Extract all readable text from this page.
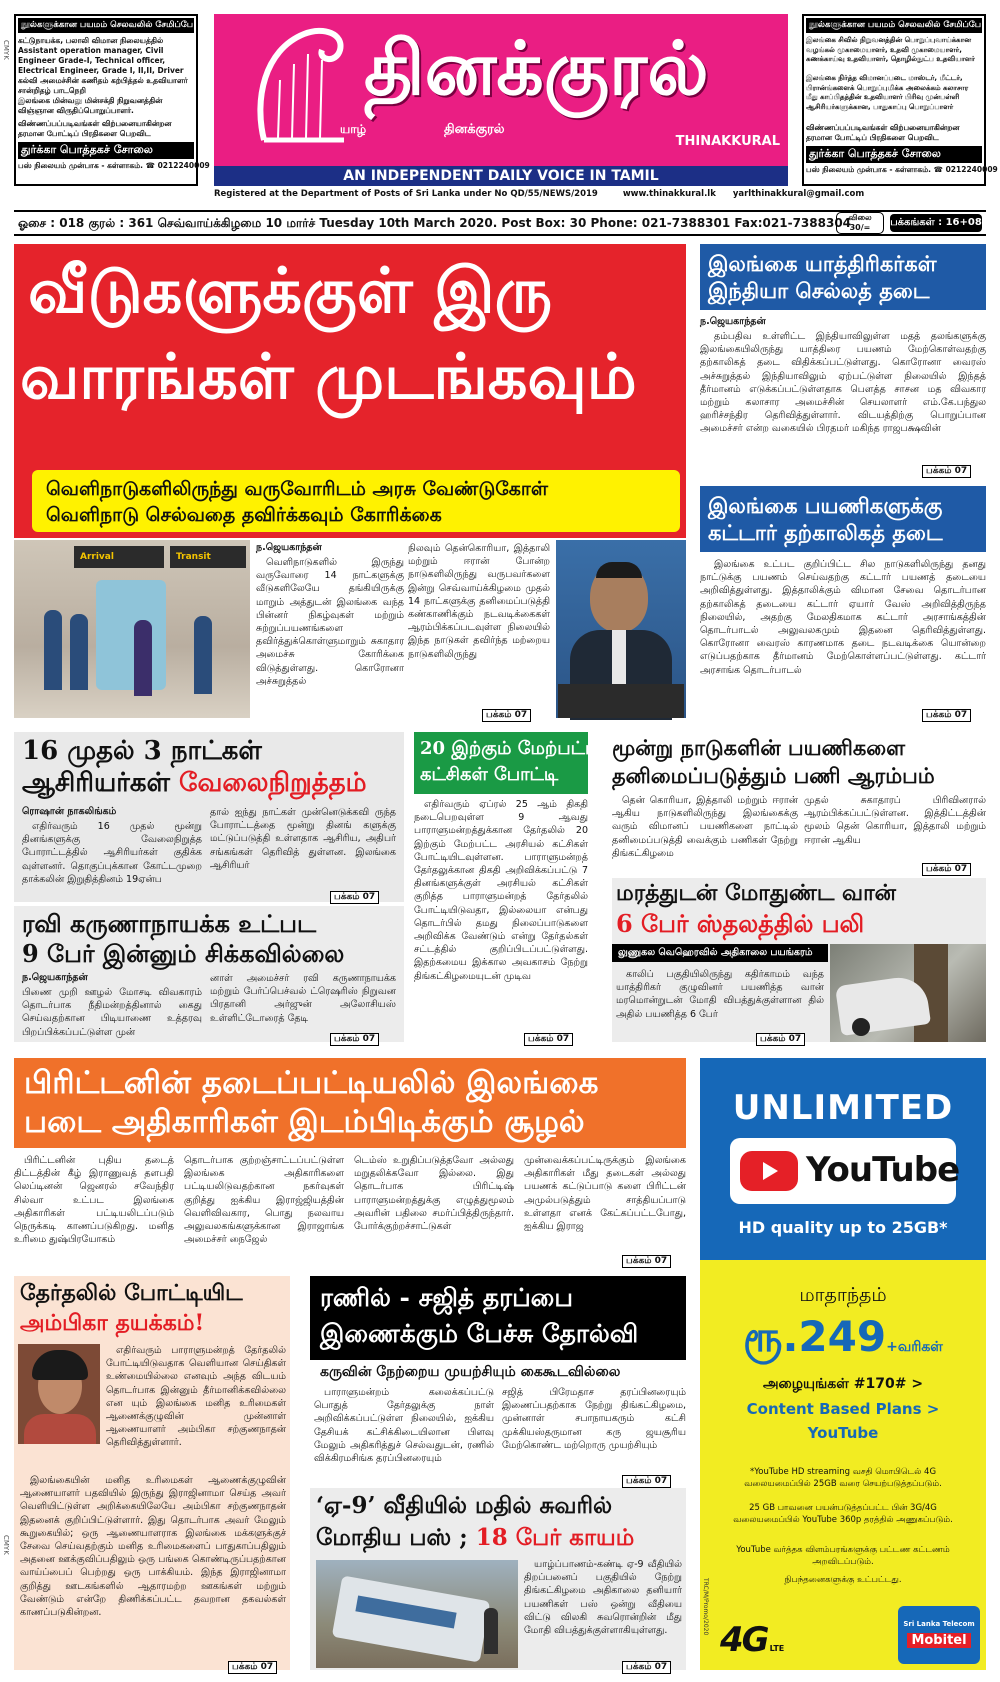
CMYK
CMYK
நூல்களுக்கான பயமம் செலவலில் சேமிப்பே!
கட்டுநாயக்க, பலாலி விமான நிலையத்தில் Assistant operation manager, Civil Engineer Grade-I, Technical officer, Electrical Engineer, Grade I, II,II, Driver
கல்வி அமைச்சின் கணிதம் கற்பித்தல் உதவியாளர் சான்றிதழ் பாடநெறி
இலங்கை மின்வலு மின்சக்தி நிறுவனத்தின் விஞ்ஞான விருதிப்பொறுப்பாளர்.
விண்ணப்பப்படிவங்கள் விற்பனையாகின்றன
தரமான போட்டிப் பிரதிகளை பெறவிட
துர்க்கா பொத்தகச் சோலை
பஸ் நிலையம் முன்பாக - கள்ளாகம். ☎ 0212240009
யாழ்
தினக்குரல்
தினக்குரல்
THINAKKURAL
AN INDEPENDENT DAILY VOICE IN TAMIL
Registered at the Department of Posts of Sri Lanka under No QD/55/NEWS/2019	www.thinakkural.lk yarlthinakkural@gmail.com
நூல்களுக்கான பயமம் செலவலில் சேமிப்பே!
இலங்கை சிவில் நிறுவனத்தின் பொறுப்புவாய்க்கான வழங்கல் முகாமையாளர், உதவி முகாமையாளர், கணக்காய்வு உதவியாளர், தொழில்நுட்ப உதவியாளர்
இலங்கை நிர்த்த விமானப்படை மாஸ்டர், மீட்டர், பிரான்ங்களைக் பொறுப்புமிக்க அலைக்கம் கலாசார மீது காப்பிதத்தின் உதவியாளர் பிரிவு முன்பள்ளி ஆசிரியர்களுக்கான, பாதுகாப்பு பொறுப்பாளர்
விண்ணப்பப்படிவங்கள் விற்பனையாகின்றன
தரமான போட்டிப் பிரதிகளை பெறவிட
துர்க்கா பொத்தகச் சோலை
பஸ் நிலையம் முன்பாக - கள்ளாகம். ☎ 0212240009
ஓசை : 018 குரல் : 361 செவ்வாய்க்கிழமை 10 மார்ச் Tuesday 10th March 2020. Post Box: 30 Phone: 021-7388301 Fax:021-7388304
விலை
30/=	பக்கங்கள் : 16+08
வீடுகளுக்குள் இரு
வாரங்கள் முடங்கவும்
வெளிநாடுகளிலிருந்து வருவோரிடம் அரசு வேண்டுகோள்
வெளிநாடு செல்வதை தவிர்க்கவும் கோரிக்கை
Arrival	Transit
ந.ஜெயகாந்தன்
வெளிநாடுகளில் இருந்து வருவோரை 14 நாட்களுக்கு வீடுகளிலேயே தங்கியிருக்கு மாறும் அத்துடன் இலங்கை வந்த பின்னர் நிகழ்வுகள் மற்றும் சுற்றுப்பயணங்களை தவிர்த்துக்கொள்ளுமாறும் சுகாதார அமைச்சு கோரிக்கை விடுத்துள்ளது. கொரோனா அச்சுறுத்தல்
நிலவும் தென்கொரியா, இத்தாலி மற்றும் ஈரான் போன்ற நாடுகளிலிருந்து வருபவர்களை இன்று செவ்வாய்க்கிழமை முதல் 14 நாட்களுக்கு தனிமைப்படுத்தி கண்காணிக்கும் நடவடிக்கைகள் ஆரம்பிக்கப்படவுள்ள நிலையில் இந்த நாடுகள் தவிர்ந்த மற்றைய நாடுகளிலிருந்து
பக்கம் 07
இலங்கை யாத்திரிகர்கள்
இந்தியா செல்லத் தடை
ந.ஜெயகாந்தன்
தம்பதிவ உள்ளிட்ட இந்தியாவிலுள்ள மதத் தலங்களுக்கு இலங்கையிலிருந்து யாத்திரை பயணம் மேற்கொள்வதற்கு தற்காலிகத் தடை விதிக்கப்பட்டுள்ளது. கொரோனா வைரஸ் அச்சுறுத்தல் இந்தியாவிலும் ஏற்பட்டுள்ள நிலையில் இந்தத் தீர்மானம் எடுக்கப்பட்டுள்ளதாக பௌத்த சாசன மத விவகார மற்றும் கலாசார அமைச்சின் செயலாளர் எம்.கே.பந்துல ஹரிச்சந்திர தெரிவித்துள்ளார். விடயத்திற்கு பொறுப்பான அமைச்சர் என்ற வகையில் பிரதமர் மகிந்த ராஜபக்ஷவின்
பக்கம் 07
இலங்கை பயணிகளுக்கு
கட்டார் தற்காலிகத் தடை
இலங்கை உட்பட குறிப்பிட்ட சில நாடுகளிலிருந்து தனது நாட்டுக்கு பயணம் செய்வதற்கு கட்டார் பயணத் தடையை அறிவித்துள்ளது. இத்தாலிக்கும் விமான சேவை தொடர்பான தற்காலிகத் தடையை கட்டார் ஏயார் வேஸ் அறிவித்திருந்த நிலையில், அதற்கு மேலதிகமாக கட்டார் அரசாங்கத்தின் தொடர்பாடல் அலுவலகமும் இதனை தெரிவித்துள்ளது. கொரோனா வைரஸ் காரணமாக தடை நடவடிக்கை யொன்றை எடுப்பதற்காக தீர்மானம் மேற்கொள்ளப்பட்டுள்ளது. கட்டார் அரசாங்க தொடர்பாடல்
பக்கம் 07
16 முதல் 3 நாட்கள்
ஆசிரியர்கள் வேலைநிறுத்தம்
ரொஷான் நாகலிங்கம்
எதிர்வரும் 16 முதல் மூன்று தினங்களுக்கு வேலைநிறுத்த போராட்டத்தில் ஆசிரியர்கள் குதிக்க வுள்ளனர். தொகுப்புக்கான கோட்டமுறை தாக்கலின் இறுதித்தினம் 19ஏன்ப
தால் ஐந்து நாட்கள் முன்னெடுக்கவி ருந்த போராட்டத்தை மூன்று தினங் களுக்கு மட்டுப்படுத்தி உள்ளதாக ஆசிரிய, அதிபர் சங்கங்கள் தெரிவித் துள்ளன. இலங்கை ஆசிரியர்
பக்கம் 07
ரவி கருணாநாயக்க உட்பட
9 பேர் இன்னும் சிக்கவில்லை
ந.ஜெயகாந்தன்
பிணை முறி ஊழல் மோசடி விவகாரம் தொடர்பாக நீதிமன்றத்தினால் கைது செய்வதற்கான பிடியாணை உத்தரவு பிறப்பிக்கப்பட்டுள்ள முன்
னாள் அமைச்சர் ரவி கருணாநாயக்க மற்றும் பேர்ப்பெச்வல் ட்ரெஷரிஸ் நிறுவன பிரதானி அர்ஜுன் அலோசியஸ் உள்ளிட்டோரைத் தேடி
பக்கம் 07
20 இற்கும் மேற்பட்ட
கட்சிகள் போட்டி
எதிர்வரும் ஏப்ரல் 25 ஆம் திகதி நடைபெறவுள்ள 9 ஆவது பாராளுமன்றத்துக்கான தேர்தலில் 20 இற்கும் மேற்பட்ட அரசியல் கட்சிகள் போட்டியிடவுள்ளன. பாராளுமன்றத் தேர்தலுக்கான திகதி அறிவிக்கப்பட்டு 7 தினங்களுக்குள் அரசியல் கட்சிகள் குறித்த பாராளுமன்றத் தேர்தலில் போட்டியிடுவதா, இல்லையா என்பது தொடர்பில் தமது நிலைப்பாடுகளை அறிவிக்க வேண்டும் என்று தேர்தல்கள் சட்டத்தில் குறிப்பிடப்பட்டுள்ளது. இதற்கமைய இக்கால அவகாசம் நேற்று திங்கட்கிழமையுடன் முடிவ
பக்கம் 07
மூன்று நாடுகளின் பயணிகளை
தனிமைப்படுத்தும் பணி ஆரம்பம்
தென் கொரியா, இத்தாலி மற்றும் ஈரான் ஆகிய நாடுகளிலிருந்து இலங்கைக்கு வரும் விமானப் பயணிகளை நாட்டில் தனிமைப்படுத்தி வைக்கும் பணிகள் நேற்று திங்கட்கிழமை
முதல் சுகாதாரப் பிரிவினரால் ஆரம்பிக்கப்பட்டுள்ளன. இத்திட்டத்தின் மூலம் தென் கொரியா, இத்தாலி மற்றும் ஈரான் ஆகிய
பக்கம் 07
மரத்துடன் மோதுண்ட வான்
6 பேர் ஸ்தலத்தில் பலி
லுணுகல வெஹெரவில் அதிகாலை பயங்கரம்
காலிப் பகுதியிலிருந்து கதிர்காமம் வந்த யாத்திரிகர் குழுவினர் பயணித்த வான் மரமொன்றுடன் மோதி விபத்துக்குள்ளான தில் அதில் பயணித்த 6 பேர்
பக்கம் 07
பிரிட்டனின் தடைப்பட்டியலில் இலங்கை
படை அதிகாரிகள் இடம்பிடிக்கும் சூழல்
பிரிட்டனின் புதிய தடைத் திட்டத்தின் கீழ் இராணுவத் தளபதி லெப்டினன் ஜெனரல் சவேந்திர சில்வா உட்பட இலங்கை அதிகாரிகள் பட்டியலிடப்படும் நெருக்கடி காணப்படுகிறது. மனித உரிமை துஷ்பிரயோகம்
தொடர்பாக குற்றஞ்சாட்டப்பட்டுள்ள இலங்கை அதிகாரிகளை பட்டியலிடுவதற்கான நகர்வுகள் குறித்து ஐக்கிய இராஜ்ஜியத்தின் வெளிவிவகார, பொது நலவாய அலுவலகங்களுக்கான இராஜாங்க அமைச்சர் நைஜேல்
டெம்ஸ் உறுதிப்படுத்தவோ அல்லது மறுதலிக்கவோ இல்லை. இது தொடர்பாக பிரிட்டிஷ் பாராளுமன்றத்துக்கு எழுத்துமூலம் அவரின் பதிலை சமர்ப்பித்திருந்தார். போர்க்குற்றச்சாட்டுகள்
முன்வைக்கப்பட்டிருக்கும் இலங்கை அதிகாரிகள் மீது தடைகள் அல்லது பயணக் கட்டுப்பாடு களை பிரிட்டன் அமுல்படுத்தும் சாத்தியப்பாடு உள்ளதா எனக் கேட்கப்பட்டபோது, ஐக்கிய இராஜ
பக்கம் 07
தேர்தலில் போட்டியிட
அம்பிகா தயக்கம்!
எதிர்வரும் பாராளுமன்றத் தேர்தலில் போட்டியிடுவதாக வெளியான செய்திகள் உண்மையில்லை எனவும் அந்த விடயம் தொடர்பாக இன்னும் தீர்மானிக்கவில்லை என யும் இலங்கை மனித உரிமைகள் ஆணைக்குழுவின் முன்னாள் ஆணையாளர் அம்பிகா சற்குணநாதன் தெரிவித்துள்ளார்.
இலங்கையின் மனித உரிமைகள் ஆணைக்குழுவின் ஆணையாளர் பதவியில் இருந்து இராஜினாமா செய்த அவர் வெளியிட்டுள்ள அறிக்கையிலேயே அம்பிகா சற்குணநாதன் இதனைக் குறிப்பிட்டுள்ளார். இது தொடர்பாக அவர் மேலும் கூறுகையில்; ஒரு ஆணையாளராக இலங்கை மக்களுக்குச் சேவை செய்வதற்கும் மனித உரிமைகளைப் பாதுகாப்பதிலும் அதனை ஊக்குவிப்பதிலும் ஒரு பங்கை கொண்டிருப்பதற்கான வாய்ப்பைப் பெற்றது ஒரு பாக்கியம். இந்த இராஜினாமா குறித்து ஊடகங்களில் ஆதாரமற்ற ஊகங்கள் மற்றும் வேண்டும் என்றே திணிக்கப்பட்ட தவறான தகவல்கள் காணப்படுகின்றன.
பக்கம் 07
ரணில் - சஜித் தரப்பை
இணைக்கும் பேச்சு தோல்வி
கருவின் நேற்றைய முயற்சியும் கைகூடவில்லை
பாராளுமன்றம் கலைக்கப்பட்டு பொதுத் தேர்தலுக்கு நாள் அறிவிக்கப்பட்டுள்ள நிலையில், ஐக்கிய தேசியக் கட்சிக்கிடையிலான பிளவு மேலும் அதிகரித்துச் செல்வதுடன், ரணில் விக்கிரமசிங்க தரப்பினரையும்
சஜித் பிரேமதாச தரப்பினரையும் இணைப்பதற்காக நேற்று திங்கட்கிழமை, முன்னாள் சபாநாயகரும் கட்சி முக்கியஸ்தருமான கரு ஜயசூரிய மேற்கொண்ட மற்றொரு முயற்சியும்
பக்கம் 07
‘ஏ-9’ வீதியில் மதில் சுவரில்
மோதிய பஸ் ; 18 பேர் காயம்
யாழ்ப்பாணம்-கண்டி ஏ-9 வீதியில் திறப்பனைப் பகுதியில் நேற்று திங்கட்கிழமை அதிகாலை தனியார் பயணிகள் பஸ் ஒன்று வீதியை விட்டு விலகி சுவரொன்றின் மீது மோதி விபத்துக்குள்ளாகியுள்ளது.
பக்கம் 07
UNLIMITED
YouTube
HD quality up to 25GB*
மாதாந்தம்
ரூ.249+வரிகள்
அழையுங்கள் #170# >
Content Based Plans >
YouTube
*YouTube HD streaming வசதி மொபிடெல் 4G வலையமைப்பில் 25GB வரை செயற்படுத்தப்படும்.
25 GB பாவனை பயன்படுத்தப்பட்ட பின் 3G/4G வலையமைப்பில் YouTube 360p தரத்தில் அணுகப்படும்.
YouTube வர்த்தக விளம்பரங்களுக்கு பட்டண கட்டணம் அறவிடப்படும்.
நிபந்தனைகளுக்கு உட்பட்டது.
TRC/M/Promo/2020
4G LTE
Sri Lanka Telecom
Mobitel
